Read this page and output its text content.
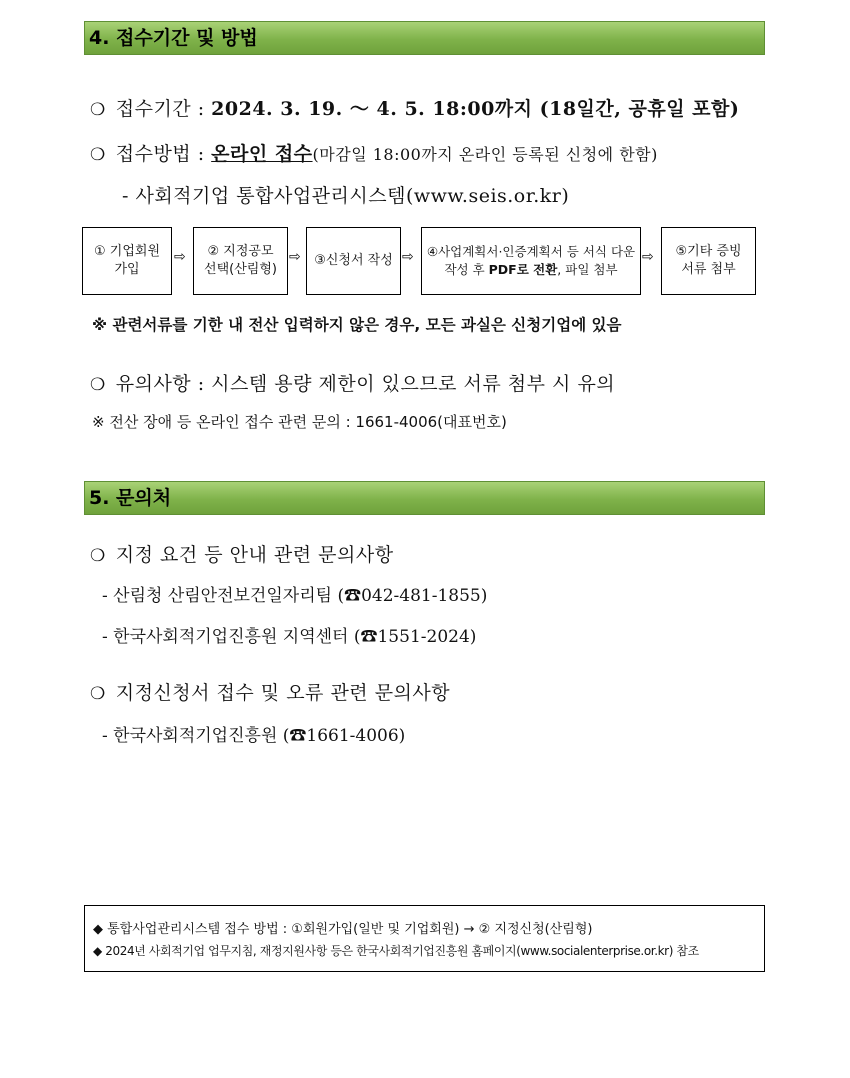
4. 접수기간 및 방법
❍ 접수기간 : 2024. 3. 19. ～ 4. 5. 18:00까지 (18일간, 공휴일 포함)
❍ 접수방법 : 온라인 접수(마감일 18:00까지 온라인 등록된 신청에 한함)
- 사회적기업 통합사업관리시스템(www.seis.or.kr)
① 기업회원
가입
⇨ ② 지정공모
선택(산림형)
⇨ ③신청서 작성 ⇨ ④사업계획서·인증계획서 등 서식 다운
작성 후 PDF로 전환, 파일 첨부
⇨ ⑤기타 증빙
서류 첨부
※ 관련서류를 기한 내 전산 입력하지 않은 경우, 모든 과실은 신청기업에 있음
❍ 유의사항 : 시스템 용량 제한이 있으므로 서류 첨부 시 유의
※ 전산 장애 등 온라인 접수 관련 문의 : 1661-4006(대표번호)
5. 문의처
❍ 지정 요건 등 안내 관련 문의사항
- 산림청 산림안전보건일자리팀 (☎042-481-1855)
- 한국사회적기업진흥원 지역센터 (☎1551-2024)
❍ 지정신청서 접수 및 오류 관련 문의사항
- 한국사회적기업진흥원 (☎1661-4006)
◆ 통합사업관리시스템 접수 방법 : ①회원가입(일반 및 기업회원) → ② 지정신청(산림형)
◆ 2024년 사회적기업 업무지침, 재정지원사항 등은 한국사회적기업진흥원 홈페이지(www.socialenterprise.or.kr) 참조
